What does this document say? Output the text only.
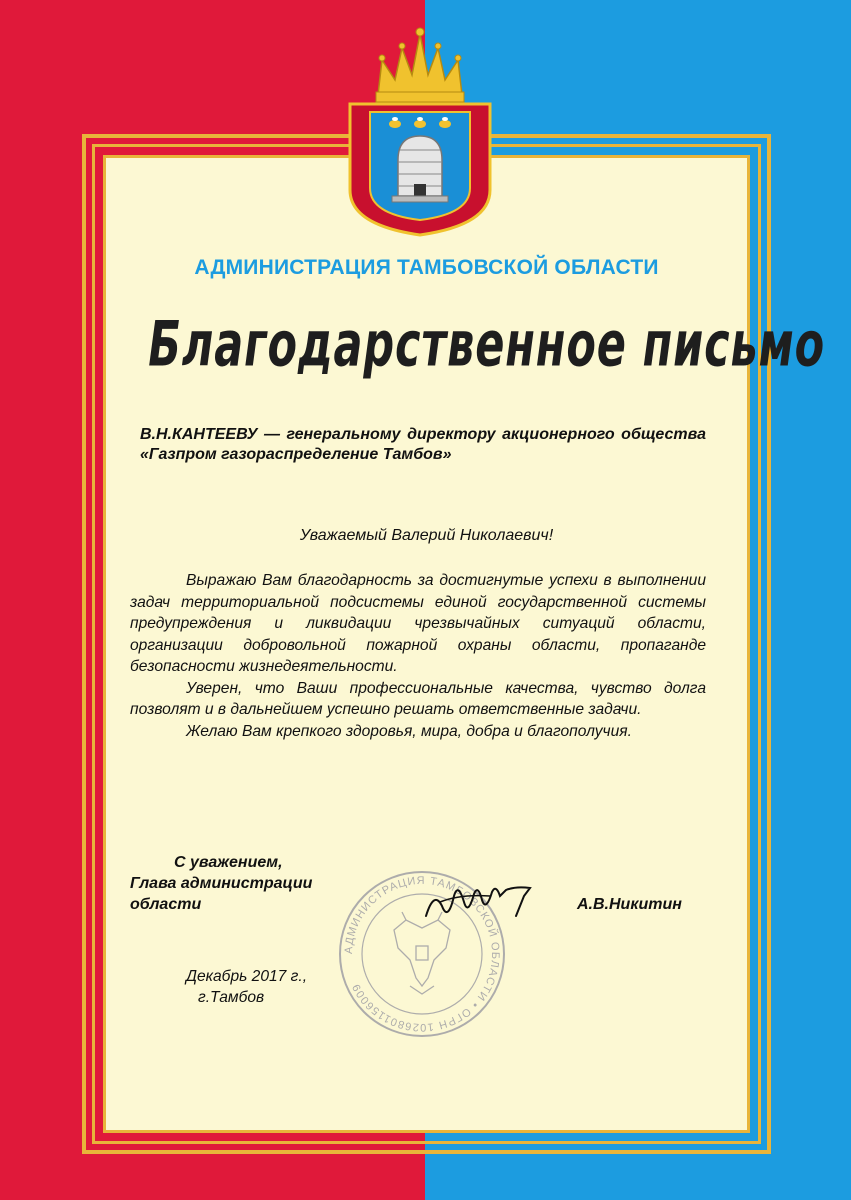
АДМИНИСТРАЦИЯ ТАМБОВСКОЙ ОБЛАСТИ
Благодарственное письмо

В.Н.КАНТЕЕВУ — генеральному директору акционерного общества «Газпром газораспределение Тамбов»

Уважаемый Валерий Николаевич!

Выражаю Вам благодарность за достигнутые успехи в выполнении задач территориальной подсистемы единой государственной системы предупреждения и ликвидации чрезвычайных ситуаций области, организации добровольной пожарной охраны области, пропаганде безопасности жизнедеятельности.

Уверен, что Ваши профессиональные качества, чувство долга позволят и в дальнейшем успешно решать ответственные задачи.

Желаю Вам крепкого здоровья, мира, добра и благополучия.

АДМИНИСТРАЦИЯ ТАМБОВСКОЙ ОБЛАСТИ • ОГРН 1026801156009
С уважением,
Глава администрации
области	А.В.Никитин

Декабрь 2017 г.,
г.Тамбов
